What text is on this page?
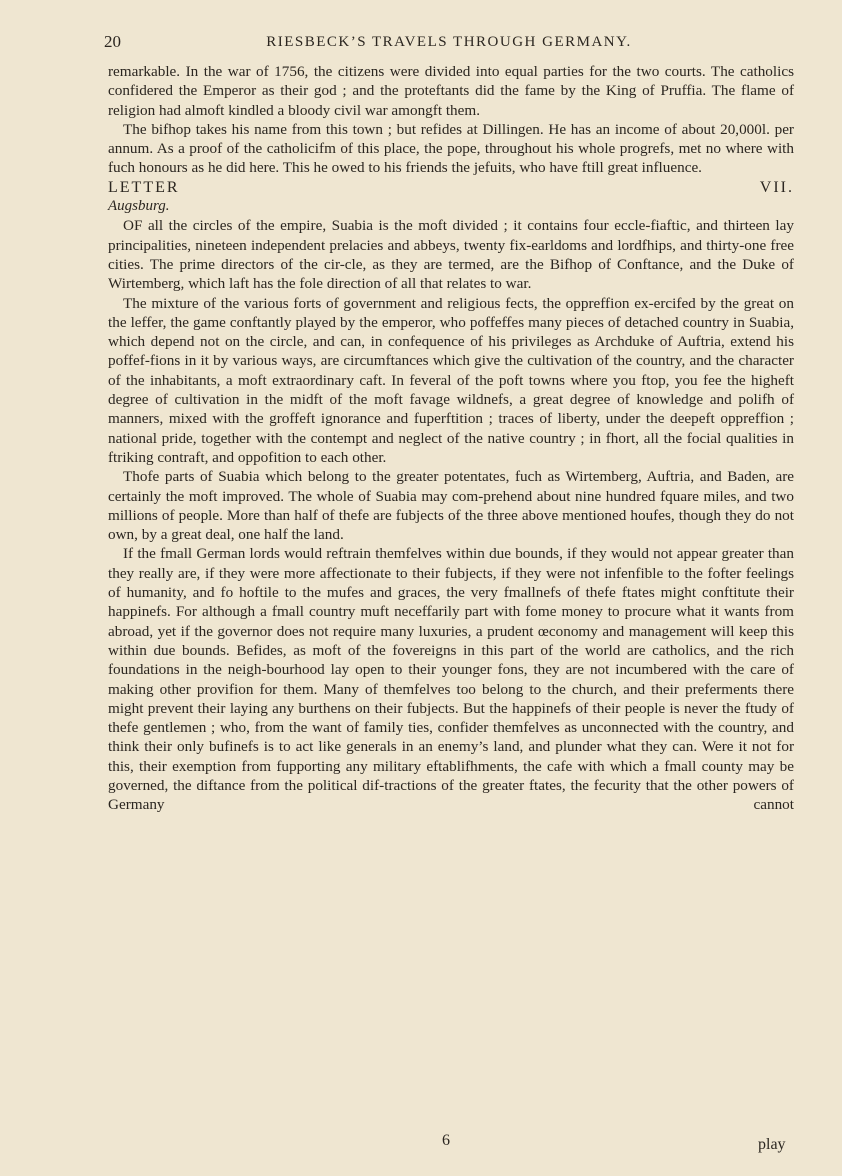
20	RIESBECK’S TRAVELS THROUGH GERMANY.

remarkable. In the war of 1756, the citizens were divided into equal parties for the two courts. The catholics confidered the Emperor as their god ; and the proteftants did the fame by the King of Pruffia. The flame of religion had almoft kindled a bloody civil war amongft them.

The bifhop takes his name from this town ; but refides at Dillingen. He has an income of about 20,000l. per annum. As a proof of the catholicifm of this place, the pope, throughout his whole progrefs, met no where with fuch honours as he did here. This he owed to his friends the jefuits, who have ftill great influence.

LETTER VII.

Augsburg.

OF all the circles of the empire, Suabia is the moft divided ; it contains four eccle-fiaftic, and thirteen lay principalities, nineteen independent prelacies and abbeys, twenty fix-earldoms and lordfhips, and thirty-one free cities. The prime directors of the cir-cle, as they are termed, are the Bifhop of Conftance, and the Duke of Wirtemberg, which laft has the fole direction of all that relates to war.

The mixture of the various forts of government and religious fects, the oppreffion ex-ercifed by the great on the leffer, the game conftantly played by the emperor, who poffeffes many pieces of detached country in Suabia, which depend not on the circle, and can, in confequence of his privileges as Archduke of Auftria, extend his poffef-fions in it by various ways, are circumftances which give the cultivation of the country, and the character of the inhabitants, a moft extraordinary caft. In feveral of the poft towns where you ftop, you fee the higheft degree of cultivation in the midft of the moft favage wildnefs, a great degree of knowledge and polifh of manners, mixed with the groffeft ignorance and fuperftition ; traces of liberty, under the deepeft oppreffion ; national pride, together with the contempt and neglect of the native country ; in fhort, all the focial qualities in ftriking contraft, and oppofition to each other.

Thofe parts of Suabia which belong to the greater potentates, fuch as Wirtemberg, Auftria, and Baden, are certainly the moft improved. The whole of Suabia may com-prehend about nine hundred fquare miles, and two millions of people. More than half of thefe are fubjects of the three above mentioned houfes, though they do not own, by a great deal, one half the land.

If the fmall German lords would reftrain themfelves within due bounds, if they would not appear greater than they really are, if they were more affectionate to their fubjects, if they were not infenfible to the fofter feelings of humanity, and fo hoftile to the mufes and graces, the very fmallnefs of thefe ftates might conftitute their happinefs. For although a fmall country muft neceffarily part with fome money to procure what it wants from abroad, yet if the governor does not require many luxuries, a prudent œconomy and management will keep this within due bounds. Befides, as moft of the fovereigns in this part of the world are catholics, and the rich foundations in the neigh-bourhood lay open to their younger fons, they are not incumbered with the care of making other provifion for them. Many of themfelves too belong to the church, and their preferments there might prevent their laying any burthens on their fubjects. But the happinefs of their people is never the ftudy of thefe gentlemen ; who, from the want of family ties, confider themfelves as unconnected with the country, and think their only bufinefs is to act like generals in an enemy’s land, and plunder what they can. Were it not for this, their exemption from fupporting any military eftablifhments, the cafe with which a fmall county may be governed, the diftance from the political dif-tractions of the greater ftates, the fecurity that the other powers of Germany cannot

6	play
